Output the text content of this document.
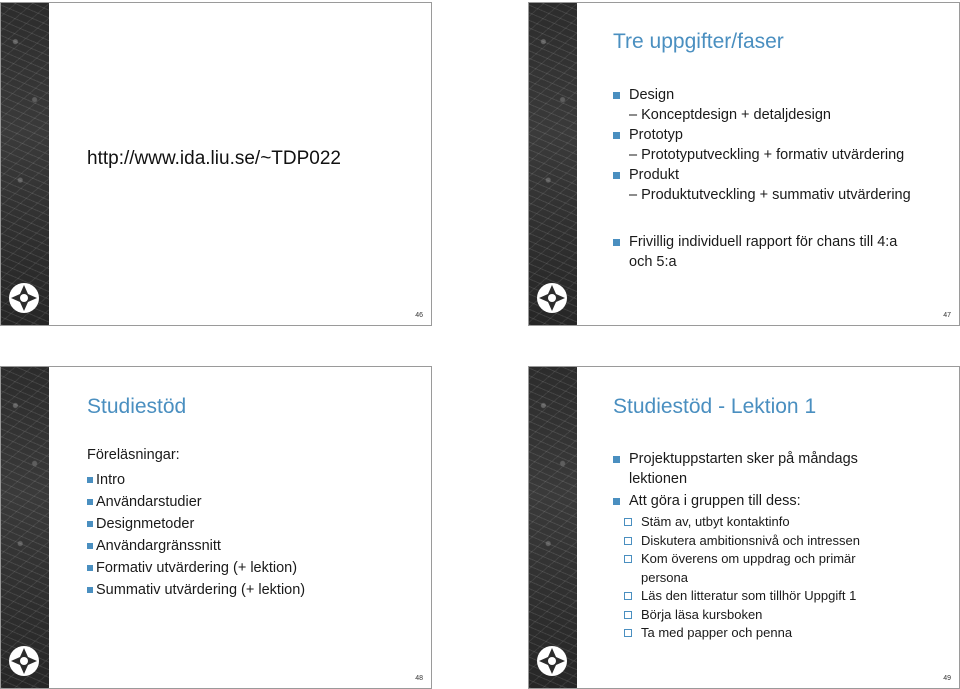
http://www.ida.liu.se/~TDP022
46
Tre uppgifter/faser
Design
– Konceptdesign + detaljdesign
Prototyp
– Prototyputveckling + formativ utvärdering
Produkt
– Produktutveckling + summativ utvärdering
Frivillig individuell rapport för chans till 4:a
och 5:a
47
Studiestöd
Föreläsningar:
Intro
Användarstudier
Designmetoder
Användargränssnitt
Formativ utvärdering (+ lektion)
Summativ utvärdering (+ lektion)
48
Studiestöd - Lektion 1
Projektuppstarten sker på måndags
lektionen
Att göra i gruppen till dess:
Stäm av, utbyt kontaktinfo
Diskutera ambitionsnivå och intressen
Kom överens om uppdrag och primär
persona
Läs den litteratur som tillhör Uppgift 1
Börja läsa kursboken
Ta med papper och penna
49
